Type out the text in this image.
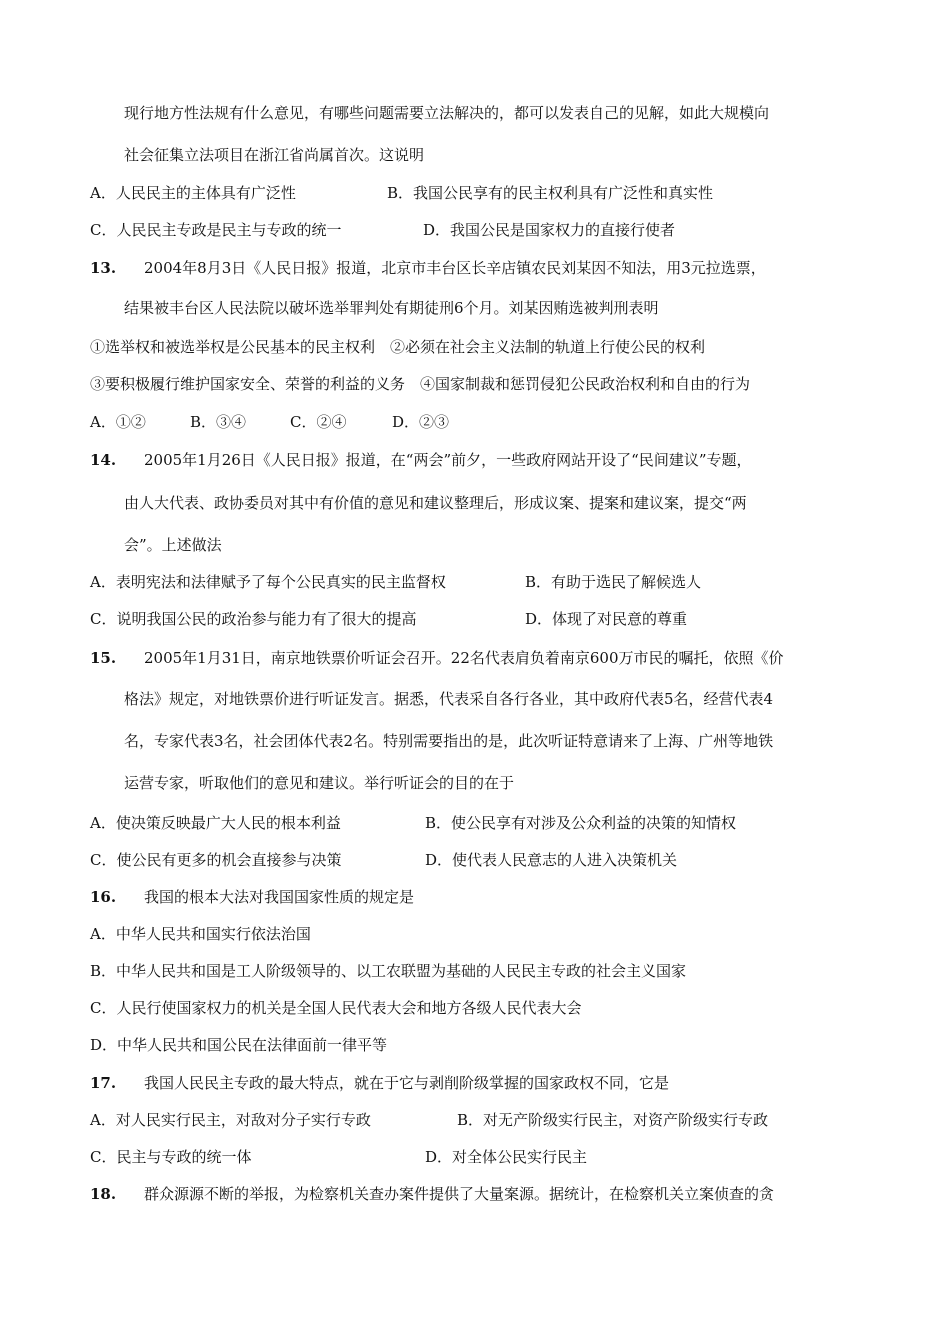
现行地方性法规有什么意见，有哪些问题需要立法解决的，都可以发表自己的见解，如此大规模向
社会征集立法项目在浙江省尚属首次。这说明
A．人民民主的主体具有广泛性	B．我国公民享有的民主权利具有广泛性和真实性
C．人民民主专政是民主与专政的统一	D．我国公民是国家权力的直接行使者
13. 2004年8月3日《人民日报》报道，北京市丰台区长辛店镇农民刘某因不知法，用3元拉选票，
结果被丰台区人民法院以破坏选举罪判处有期徒刑6个月。刘某因贿选被判刑表明
①选举权和被选举权是公民基本的民主权利　②必须在社会主义法制的轨道上行使公民的权利
③要积极履行维护国家安全、荣誉的利益的义务　④国家制裁和惩罚侵犯公民政治权利和自由的行为
A．①②	B．③④	C．②④	D．②③
14. 2005年1月26日《人民日报》报道，在“两会”前夕，一些政府网站开设了“民间建议”专题，
由人大代表、政协委员对其中有价值的意见和建议整理后，形成议案、提案和建议案，提交“两
会”。上述做法
A．表明宪法和法律赋予了每个公民真实的民主监督权	B．有助于选民了解候选人
C．说明我国公民的政治参与能力有了很大的提高	D．体现了对民意的尊重
15. 2005年1月31日，南京地铁票价听证会召开。22名代表肩负着南京600万市民的嘱托，依照《价
格法》规定，对地铁票价进行听证发言。据悉，代表采自各行各业，其中政府代表5名，经营代表4
名，专家代表3名，社会团体代表2名。特别需要指出的是，此次听证特意请来了上海、广州等地铁
运营专家，听取他们的意见和建议。举行听证会的目的在于
A．使决策反映最广大人民的根本利益	B．使公民享有对涉及公众利益的决策的知情权
C．使公民有更多的机会直接参与决策	D．使代表人民意志的人进入决策机关
16. 我国的根本大法对我国国家性质的规定是
A．中华人民共和国实行依法治国
B．中华人民共和国是工人阶级领导的、以工农联盟为基础的人民民主专政的社会主义国家
C．人民行使国家权力的机关是全国人民代表大会和地方各级人民代表大会
D．中华人民共和国公民在法律面前一律平等
17. 我国人民民主专政的最大特点，就在于它与剥削阶级掌握的国家政权不同，它是
A．对人民实行民主，对敌对分子实行专政	B．对无产阶级实行民主，对资产阶级实行专政
C．民主与专政的统一体	D．对全体公民实行民主
18. 群众源源不断的举报，为检察机关查办案件提供了大量案源。据统计，在检察机关立案侦查的贪
